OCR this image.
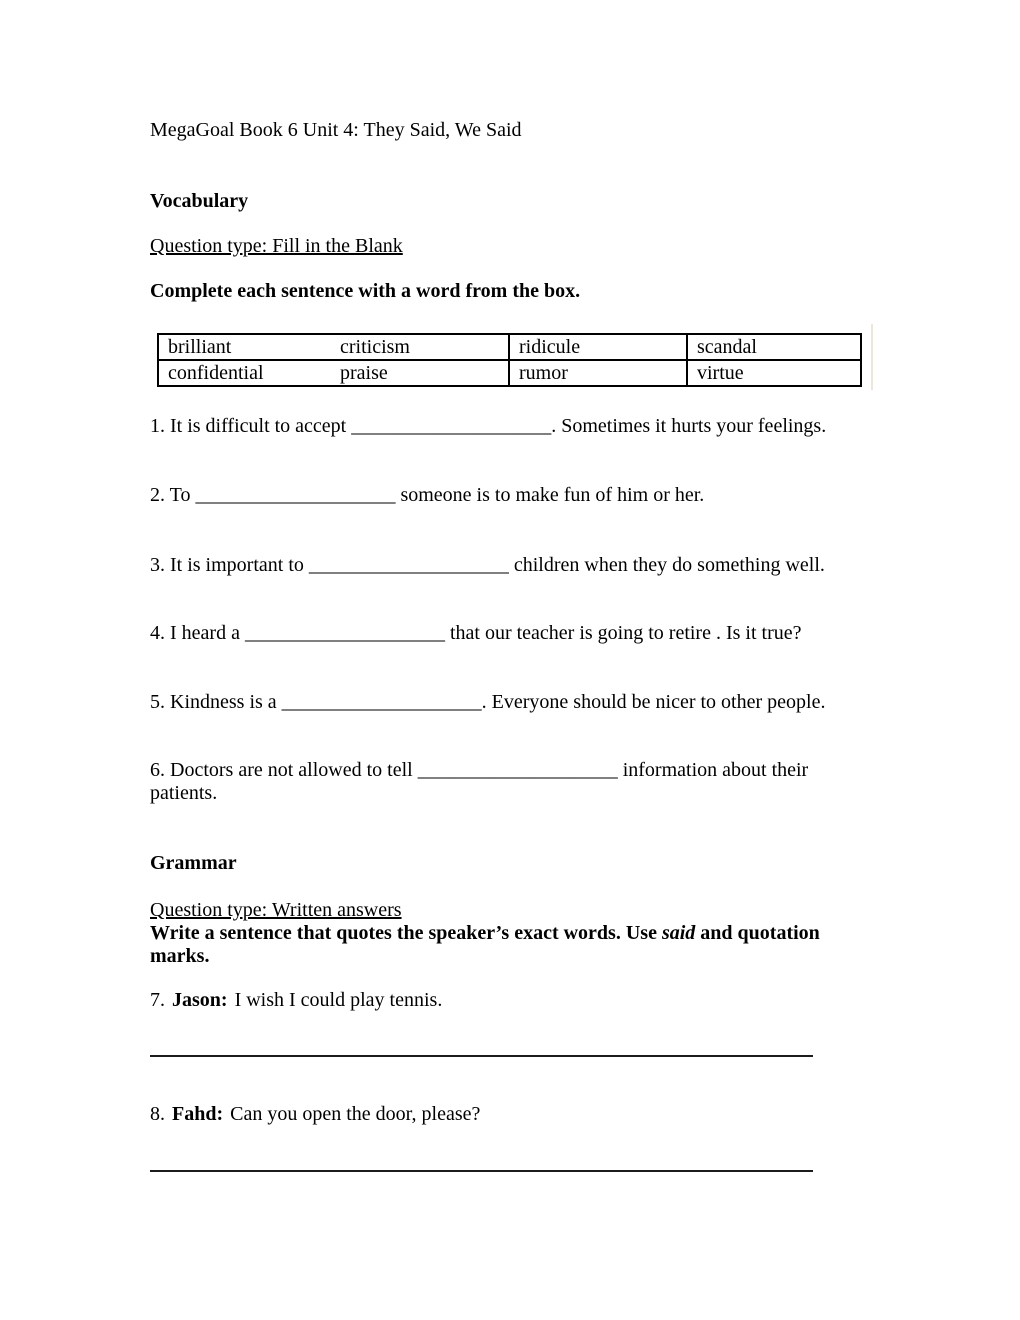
MegaGoal Book 6 Unit 4: They Said, We Said
Vocabulary
Question type: Fill in the Blank
Complete each sentence with a word from the box.
brilliant	criticism	ridicule	scandal
confidential	praise	rumor	virtue
1. It is difficult to accept ____________________. Sometimes it hurts your feelings.
2. To ____________________ someone is to make fun of him or her.
3. It is important to ____________________ children when they do something well.
4. I heard a ____________________ that our teacher is going to retire . Is it true?
5. Kindness is a ____________________. Everyone should be nicer to other people.
6. Doctors are not allowed to tell ____________________ information about their
patients.
Grammar
Question type: Written answers
Write a sentence that quotes the speaker’s exact words. Use said and quotation
marks.
7. Jason: I wish I could play tennis.
8. Fahd: Can you open the door, please?
